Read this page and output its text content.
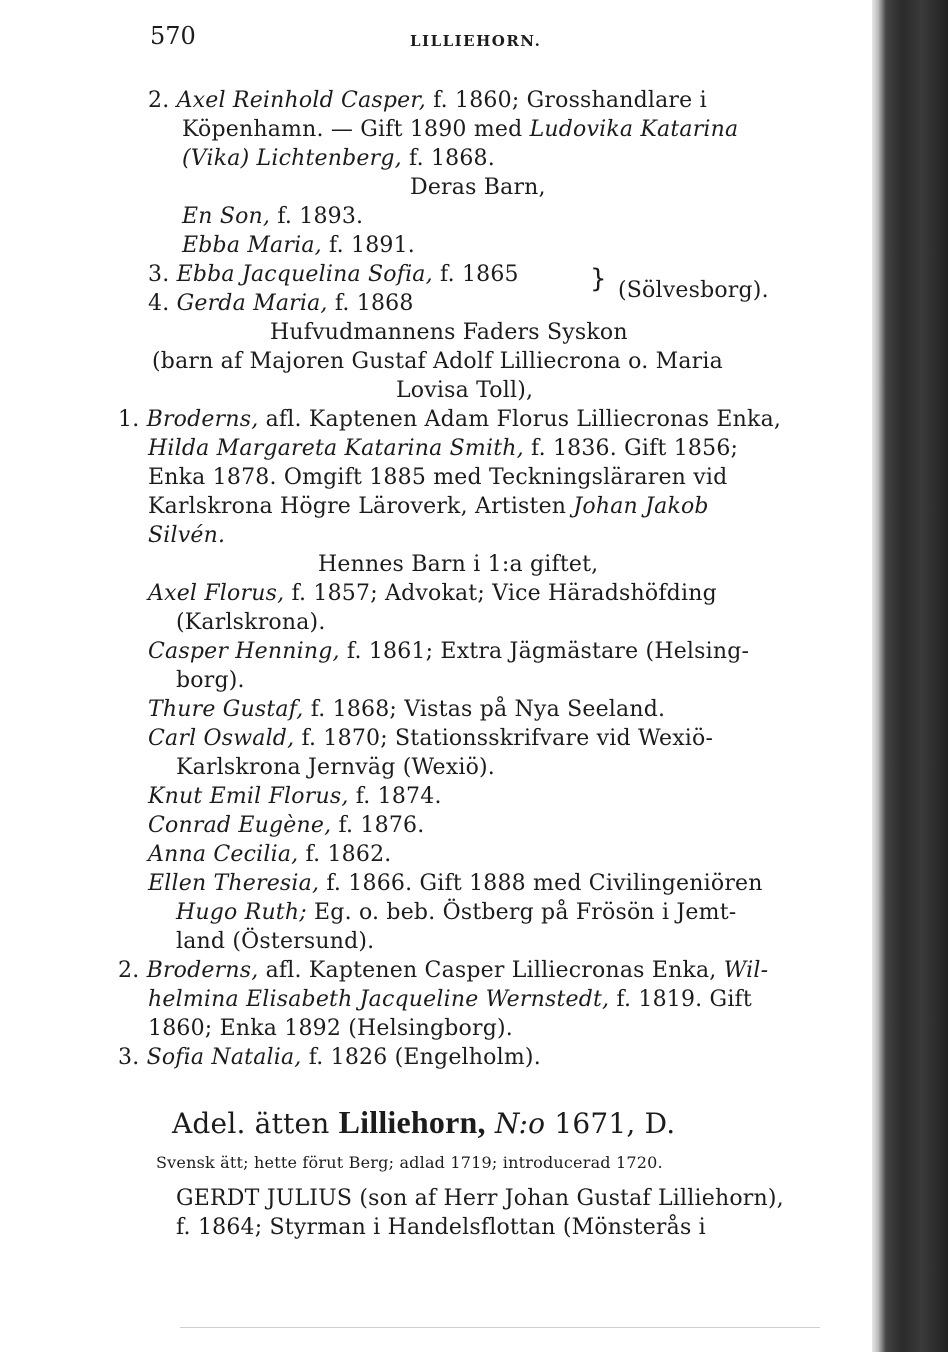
570	LILLIEHORN.
2. Axel Reinhold Casper, f. 1860; Grosshandlare i
Köpenhamn. — Gift 1890 med Ludovika Katarina
(Vika) Lichtenberg, f. 1868.
Deras Barn,
En Son, f. 1893.
Ebba Maria, f. 1891.
3. Ebba Jacquelina Sofia, f. 1865
4. Gerda Maria, f. 1868
} (Sölvesborg).
Hufvudmannens Faders Syskon
(barn af Majoren Gustaf Adolf Lilliecrona o. Maria
Lovisa Toll),
1. Broderns, afl. Kaptenen Adam Florus Lilliecronas Enka,
Hilda Margareta Katarina Smith, f. 1836. Gift 1856;
Enka 1878. Omgift 1885 med Teckningsläraren vid
Karlskrona Högre Läroverk, Artisten Johan Jakob
Silvén.
Hennes Barn i 1:a giftet,
Axel Florus, f. 1857; Advokat; Vice Häradshöfding
(Karlskrona).
Casper Henning, f. 1861; Extra Jägmästare (Helsing-
borg).
Thure Gustaf, f. 1868; Vistas på Nya Seeland.
Carl Oswald, f. 1870; Stationsskrifvare vid Wexiö-
Karlskrona Jernväg (Wexiö).
Knut Emil Florus, f. 1874.
Conrad Eugène, f. 1876.
Anna Cecilia, f. 1862.
Ellen Theresia, f. 1866. Gift 1888 med Civilingeniören
Hugo Ruth; Eg. o. beb. Östberg på Frösön i Jemt-
land (Östersund).
2. Broderns, afl. Kaptenen Casper Lilliecronas Enka, Wil-
helmina Elisabeth Jacqueline Wernstedt, f. 1819. Gift
1860; Enka 1892 (Helsingborg).
3. Sofia Natalia, f. 1826 (Engelholm).
Adel. ätten Lilliehorn, N:o 1671, D.
Svensk ätt; hette förut Berg; adlad 1719; introducerad 1720.
GERDT JULIUS (son af Herr Johan Gustaf Lilliehorn),
f. 1864; Styrman i Handelsflottan (Mönsterås i
